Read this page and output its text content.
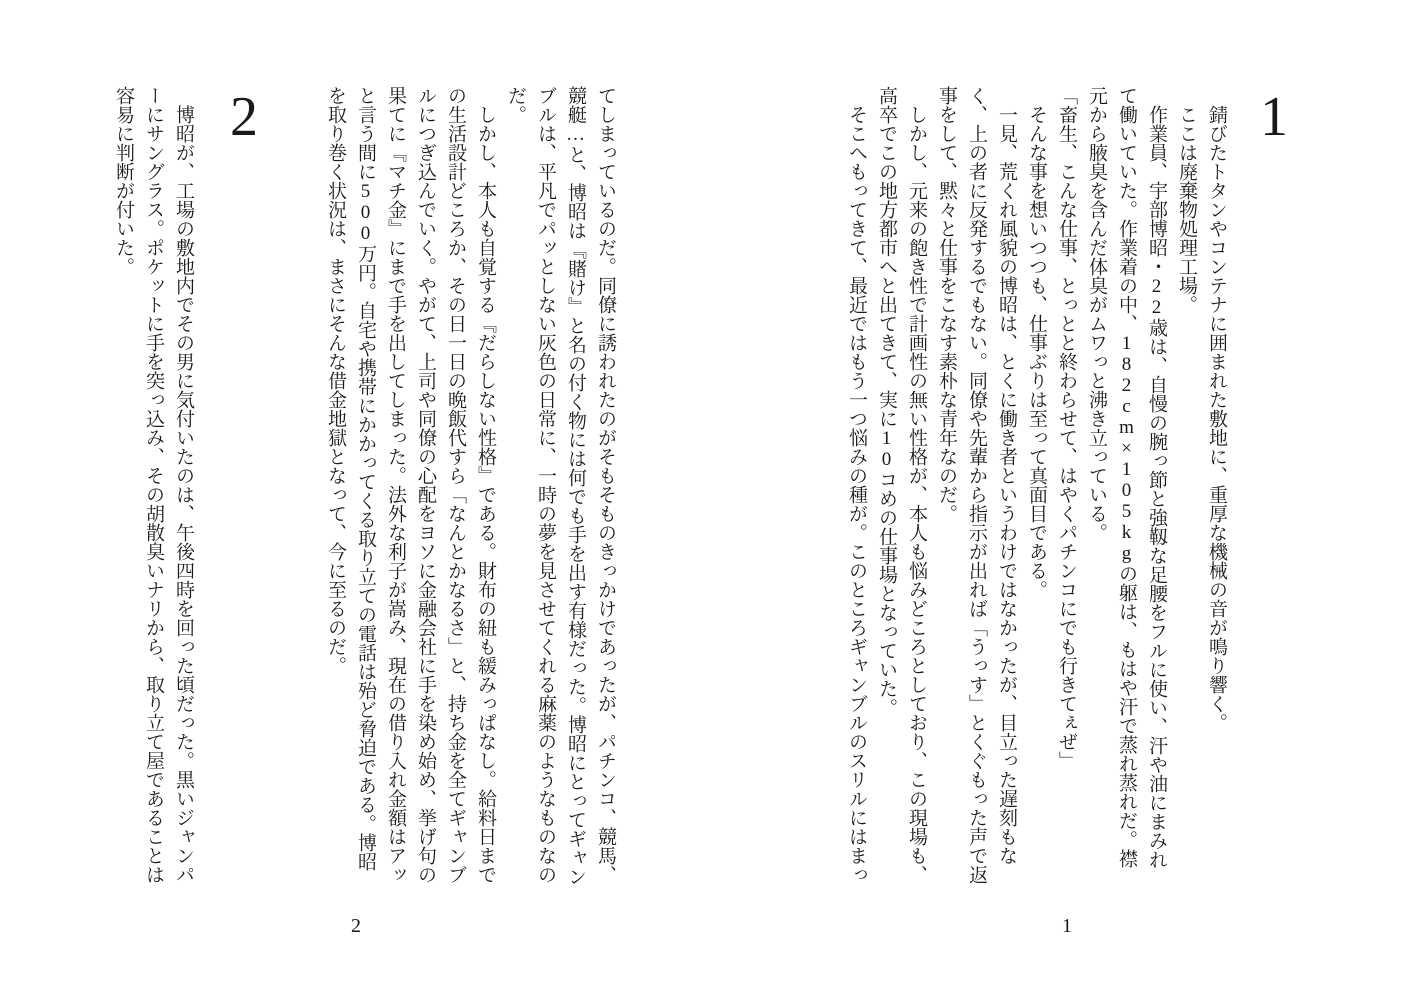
1

錆びたトタンやコンテナに囲まれた敷地に、重厚な機械の音が鳴り響く。

ここは廃棄物処理工場。

作業員、宇部博昭・22歳は、自慢の腕っ節と強靱な足腰をフルに使い、汗や油にまみれて働いていた。作業着の中、182cm×105kgの躯は、もはや汗で蒸れ蒸れだ。襟元から腋臭を含んだ体臭がムワっと沸き立っている。

「畜生、こんな仕事、とっとと終わらせて、はやくパチンコにでも行きてぇぜ」

そんな事を想いつつも、仕事ぶりは至って真面目である。

一見、荒くれ風貌の博昭は、とくに働き者というわけではなかったが、目立った遅刻もなく、上の者に反発するでもない。同僚や先輩から指示が出れば「うっす」とくぐもった声で返事をして、黙々と仕事をこなす素朴な青年なのだ。

しかし、元来の飽き性で計画性の無い性格が、本人も悩みどころとしており、この現場も、高卒でこの地方都市へと出てきて、実に10コめの仕事場となっていた。

そこへもってきて、最近ではもう一つ悩みの種が。このところギャンブルのスリルにはまっ

1

てしまっているのだ。同僚に誘われたのがそもそものきっかけであったが、パチンコ、競馬、競艇…と、博昭は『賭け』と名の付く物には何でも手を出す有様だった。博昭にとってギャンブルは、平凡でパッとしない灰色の日常に、一時の夢を見させてくれる麻薬のようなものなのだ。

しかし、本人も自覚する『だらしない性格』である。財布の紐も緩みっぱなし。給料日までの生活設計どころか、その日一日の晩飯代すら「なんとかなるさ」と、持ち金を全てギャンブルにつぎ込んでいく。やがて、上司や同僚の心配をヨソに金融会社に手を染め始め、挙げ句の果てに『マチ金』にまで手を出してしまった。法外な利子が嵩み、現在の借り入れ金額はアッと言う間に500万円。自宅や携帯にかかってくる取り立ての電話は殆ど脅迫である。博昭を取り巻く状況は、まさにそんな借金地獄となって、今に至るのだ。

2

博昭が、工場の敷地内でその男に気付いたのは、午後四時を回った頃だった。黒いジャンパーにサングラス。ポケットに手を突っ込み、その胡散臭いナリから、取り立て屋であることは容易に判断が付いた。

2
